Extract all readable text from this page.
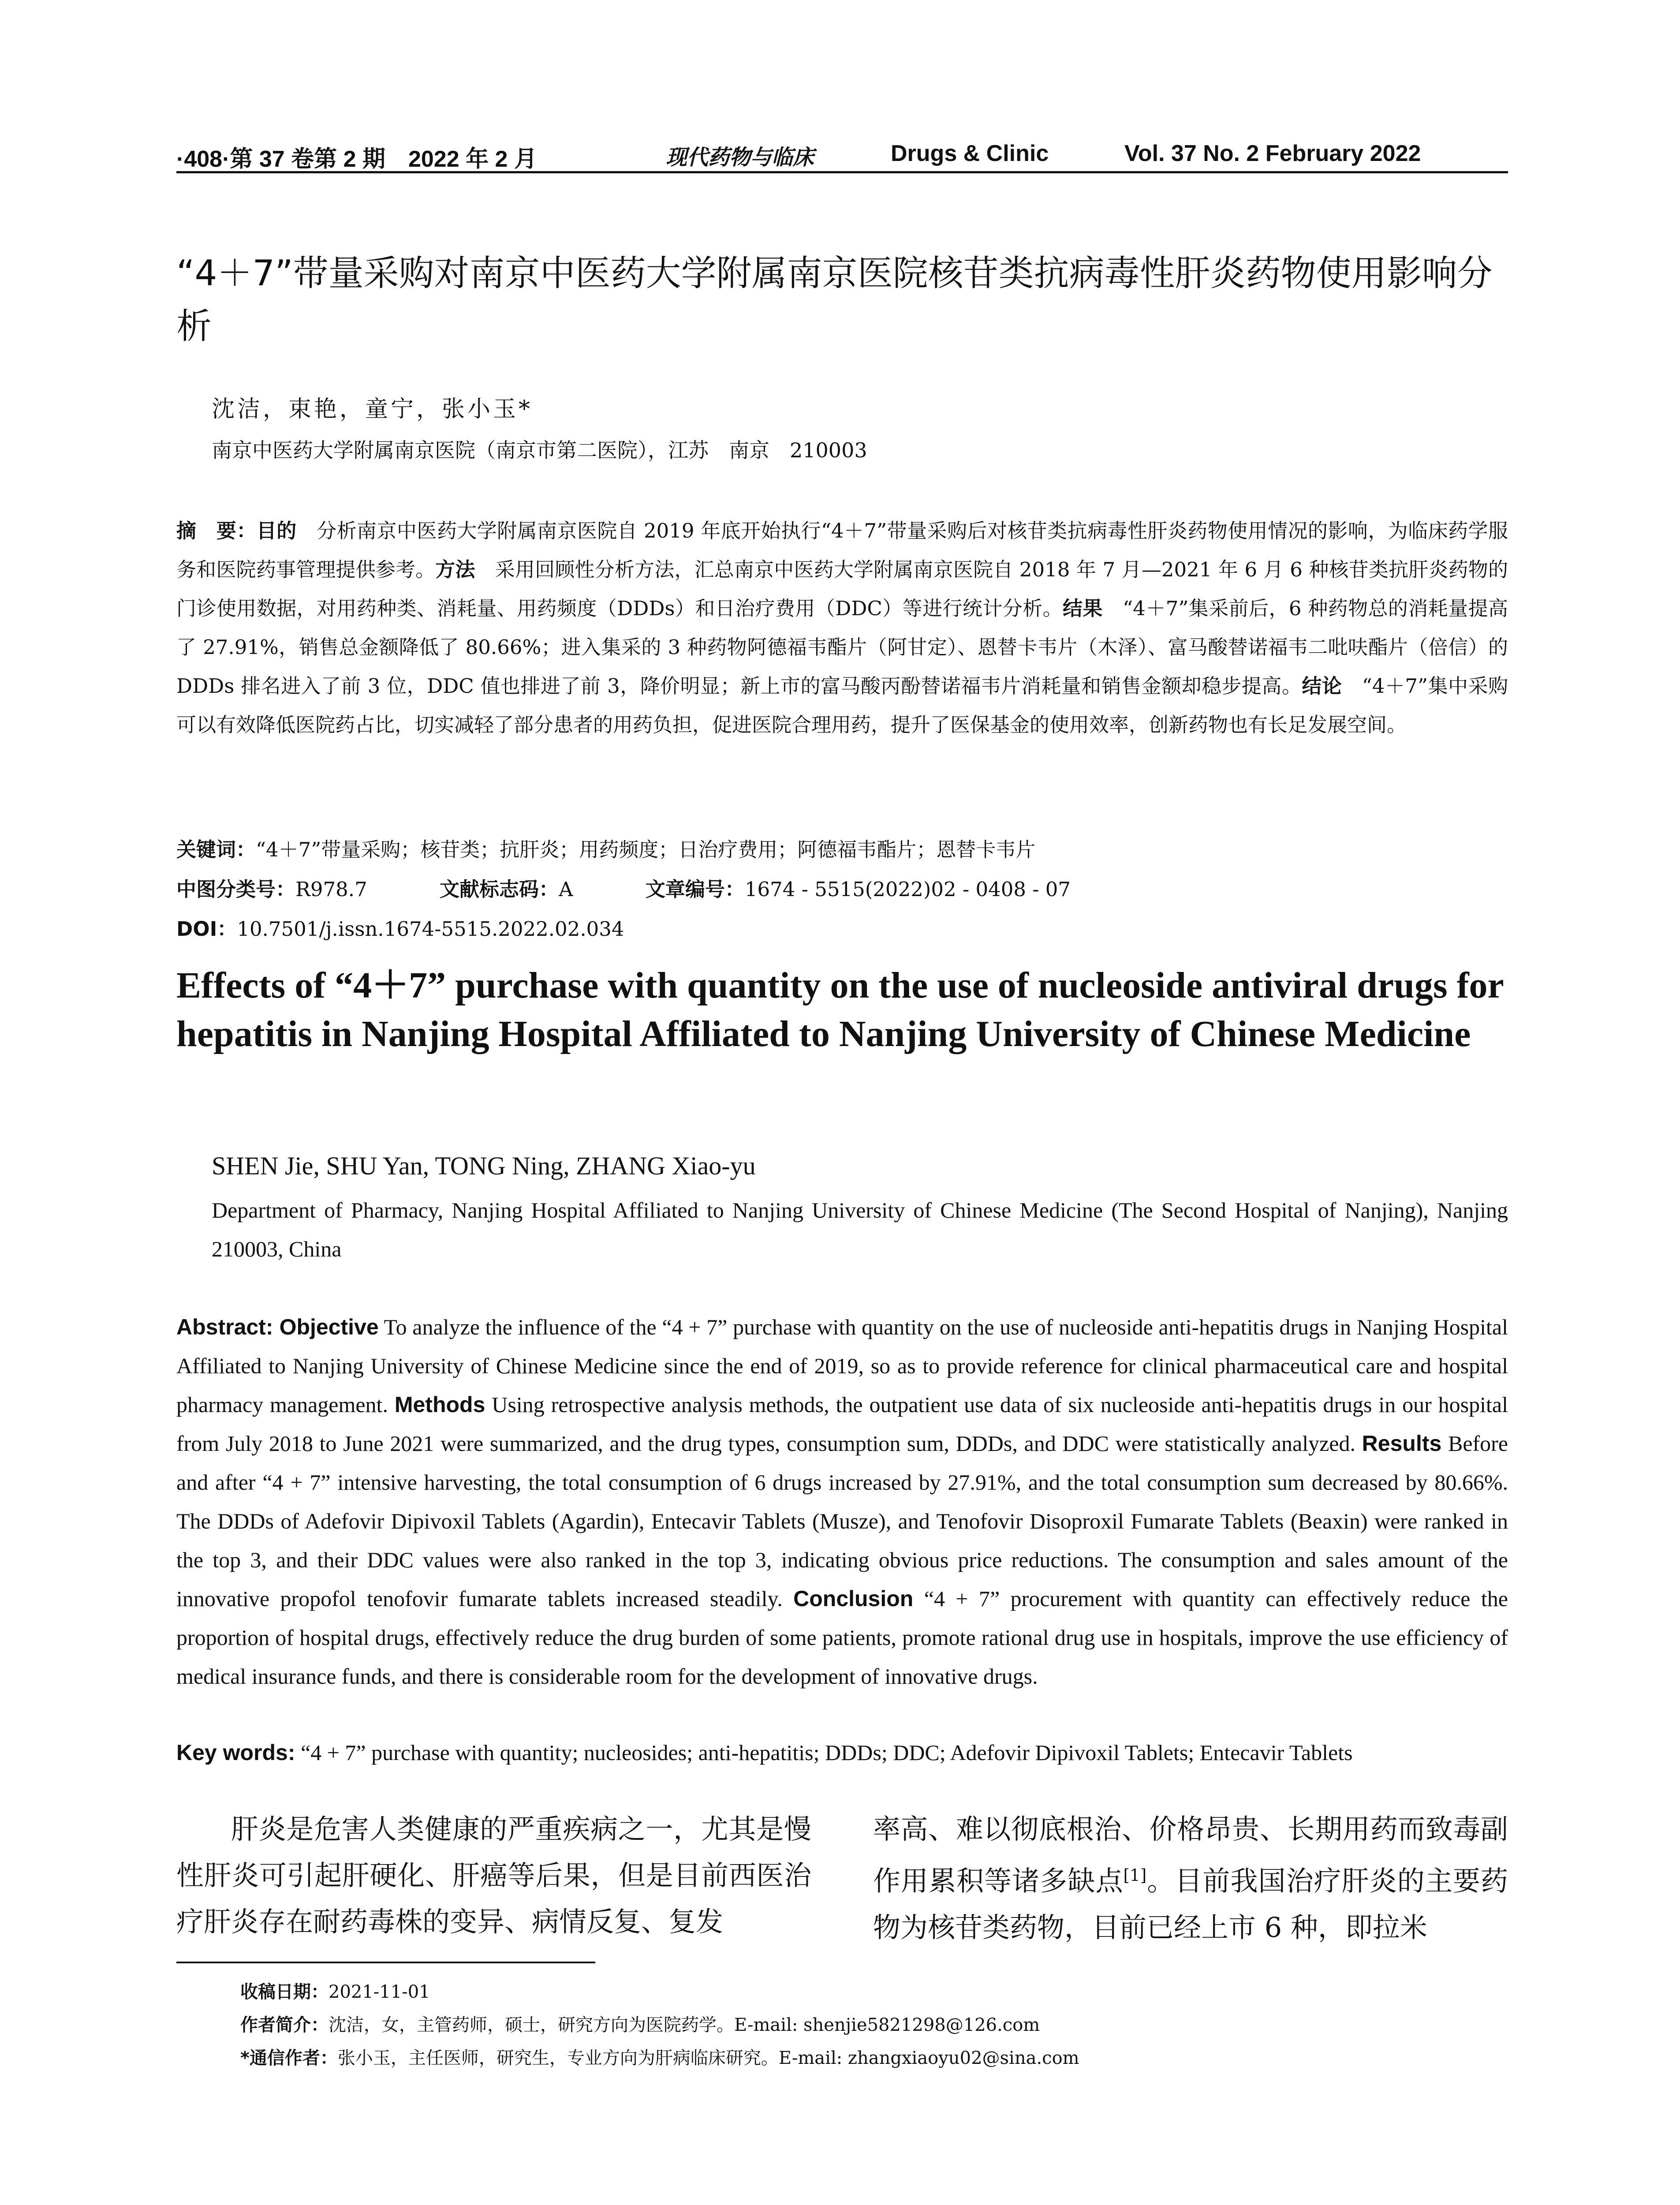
·408·第 37 卷第 2 期　2022 年 2 月	现代药物与临床	Drugs & Clinic	Vol. 37 No. 2 February 2022
“4＋7”带量采购对南京中医药大学附属南京医院核苷类抗病毒性肝炎药物使用影响分析
沈洁，束艳，童宁，张小玉*
南京中医药大学附属南京医院（南京市第二医院），江苏　南京　210003
摘　要：目的　分析南京中医药大学附属南京医院自 2019 年底开始执行“4＋7”带量采购后对核苷类抗病毒性肝炎药物使用情况的影响，为临床药学服务和医院药事管理提供参考。方法　采用回顾性分析方法，汇总南京中医药大学附属南京医院自 2018 年 7 月—2021 年 6 月 6 种核苷类抗肝炎药物的门诊使用数据，对用药种类、消耗量、用药频度（DDDs）和日治疗费用（DDC）等进行统计分析。结果　“4＋7”集采前后，6 种药物总的消耗量提高了 27.91%，销售总金额降低了 80.66%；进入集采的 3 种药物阿德福韦酯片（阿甘定）、恩替卡韦片（木泽）、富马酸替诺福韦二吡呋酯片（倍信）的 DDDs 排名进入了前 3 位，DDC 值也排进了前 3，降价明显；新上市的富马酸丙酚替诺福韦片消耗量和销售金额却稳步提高。结论　“4＋7”集中采购可以有效降低医院药占比，切实减轻了部分患者的用药负担，促进医院合理用药，提升了医保基金的使用效率，创新药物也有长足发展空间。
关键词：“4＋7”带量采购；核苷类；抗肝炎；用药频度；日治疗费用；阿德福韦酯片；恩替卡韦片
中图分类号：R978.7	文献标志码：A	文章编号：1674 - 5515(2022)02 - 0408 - 07
DOI：10.7501/j.issn.1674-5515.2022.02.034
Effects of “4＋7” purchase with quantity on the use of nucleoside antiviral drugs for hepatitis in Nanjing Hospital Affiliated to Nanjing University of Chinese Medicine
SHEN Jie, SHU Yan, TONG Ning, ZHANG Xiao-yu
Department of Pharmacy, Nanjing Hospital Affiliated to Nanjing University of Chinese Medicine (The Second Hospital of Nanjing), Nanjing 210003, China
Abstract: Objective To analyze the influence of the “4 + 7” purchase with quantity on the use of nucleoside anti-hepatitis drugs in Nanjing Hospital Affiliated to Nanjing University of Chinese Medicine since the end of 2019, so as to provide reference for clinical pharmaceutical care and hospital pharmacy management. Methods Using retrospective analysis methods, the outpatient use data of six nucleoside anti-hepatitis drugs in our hospital from July 2018 to June 2021 were summarized, and the drug types, consumption sum, DDDs, and DDC were statistically analyzed. Results Before and after “4 + 7” intensive harvesting, the total consumption of 6 drugs increased by 27.91%, and the total consumption sum decreased by 80.66%. The DDDs of Adefovir Dipivoxil Tablets (Agardin), Entecavir Tablets (Musze), and Tenofovir Disoproxil Fumarate Tablets (Beaxin) were ranked in the top 3, and their DDC values were also ranked in the top 3, indicating obvious price reductions. The consumption and sales amount of the innovative propofol tenofovir fumarate tablets increased steadily. Conclusion “4 + 7” procurement with quantity can effectively reduce the proportion of hospital drugs, effectively reduce the drug burden of some patients, promote rational drug use in hospitals, improve the use efficiency of medical insurance funds, and there is considerable room for the development of innovative drugs.
Key words: “4 + 7” purchase with quantity; nucleosides; anti-hepatitis; DDDs; DDC; Adefovir Dipivoxil Tablets; Entecavir Tablets
肝炎是危害人类健康的严重疾病之一，尤其是慢性肝炎可引起肝硬化、肝癌等后果，但是目前西医治疗肝炎存在耐药毒株的变异、病情反复、复发
率高、难以彻底根治、价格昂贵、长期用药而致毒副作用累积等诸多缺点[1]。目前我国治疗肝炎的主要药物为核苷类药物，目前已经上市 6 种，即拉米
收稿日期：2021-11-01
作者简介：沈洁，女，主管药师，硕士，研究方向为医院药学。E-mail: shenjie5821298@126.com
*通信作者：张小玉，主任医师，研究生，专业方向为肝病临床研究。E-mail: zhangxiaoyu02@sina.com
